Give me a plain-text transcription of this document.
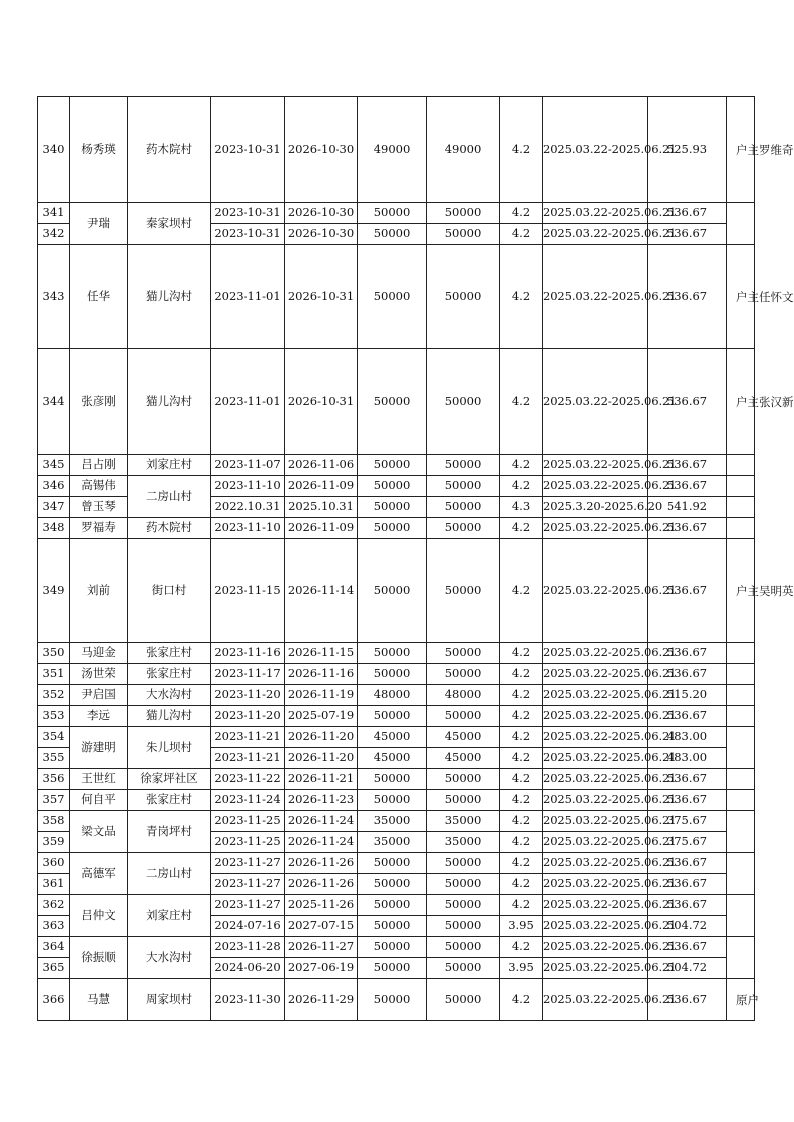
340	杨秀瑛	药木院村	2023-10-31	2026-10-30	49000	49000	4.2	2025.03.22-2025.06.21	525.93	户主罗维奇

341	尹瑞	秦家坝村	2023-10-31	2026-10-30	50000	50000	4.2	2025.03.22-2025.06.21	536.67	
342			2023-10-31	2026-10-30	50000	50000	4.2	2025.03.22-2025.06.21	536.67	
343	任华	猫儿沟村	2023-11-01	2026-10-31	50000	50000	4.2	2025.03.22-2025.06.21	536.67	户主任怀文

344	张彦刚	猫儿沟村	2023-11-01	2026-10-31	50000	50000	4.2	2025.03.22-2025.06.21	536.67	户主张汉新

345	吕占刚	刘家庄村	2023-11-07	2026-11-06	50000	50000	4.2	2025.03.22-2025.06.21	536.67	
346	高锡伟	二房山村	2023-11-10	2026-11-09	50000	50000	4.2	2025.03.22-2025.06.21	536.67	
347	曾玉琴		2022.10.31	2025.10.31	50000	50000	4.3	2025.3.20-2025.6.20	541.92	
348	罗福寿	药木院村	2023-11-10	2026-11-09	50000	50000	4.2	2025.03.22-2025.06.21	536.67	
349	刘前	街口村	2023-11-15	2026-11-14	50000	50000	4.2	2025.03.22-2025.06.21	536.67	户主吴明英

350	马迎金	张家庄村	2023-11-16	2026-11-15	50000	50000	4.2	2025.03.22-2025.06.21	536.67	
351	汤世荣	张家庄村	2023-11-17	2026-11-16	50000	50000	4.2	2025.03.22-2025.06.21	536.67	
352	尹启国	大水沟村	2023-11-20	2026-11-19	48000	48000	4.2	2025.03.22-2025.06.21	515.20	
353	李远	猫儿沟村	2023-11-20	2025-07-19	50000	50000	4.2	2025.03.22-2025.06.21	536.67	
354	游建明	朱儿坝村	2023-11-21	2026-11-20	45000	45000	4.2	2025.03.22-2025.06.21	483.00	
355			2023-11-21	2026-11-20	45000	45000	4.2	2025.03.22-2025.06.21	483.00	
356	王世红	徐家坪社区	2023-11-22	2026-11-21	50000	50000	4.2	2025.03.22-2025.06.21	536.67	
357	何自平	张家庄村	2023-11-24	2026-11-23	50000	50000	4.2	2025.03.22-2025.06.21	536.67	
358	梁文品	青岗坪村	2023-11-25	2026-11-24	35000	35000	4.2	2025.03.22-2025.06.21	375.67	
359			2023-11-25	2026-11-24	35000	35000	4.2	2025.03.22-2025.06.21	375.67	
360	高德军	二房山村	2023-11-27	2026-11-26	50000	50000	4.2	2025.03.22-2025.06.21	536.67	
361			2023-11-27	2026-11-26	50000	50000	4.2	2025.03.22-2025.06.21	536.67	
362	吕仲文	刘家庄村	2023-11-27	2025-11-26	50000	50000	4.2	2025.03.22-2025.06.21	536.67	
363			2024-07-16	2027-07-15	50000	50000	3.95	2025.03.22-2025.06.21	504.72	
364	徐振顺	大水沟村	2023-11-28	2026-11-27	50000	50000	4.2	2025.03.22-2025.06.21	536.67	
365			2024-06-20	2027-06-19	50000	50000	3.95	2025.03.22-2025.06.21	504.72	
366	马慧	周家坝村	2023-11-30	2026-11-29	50000	50000	4.2	2025.03.22-2025.06.21	536.67	原户
